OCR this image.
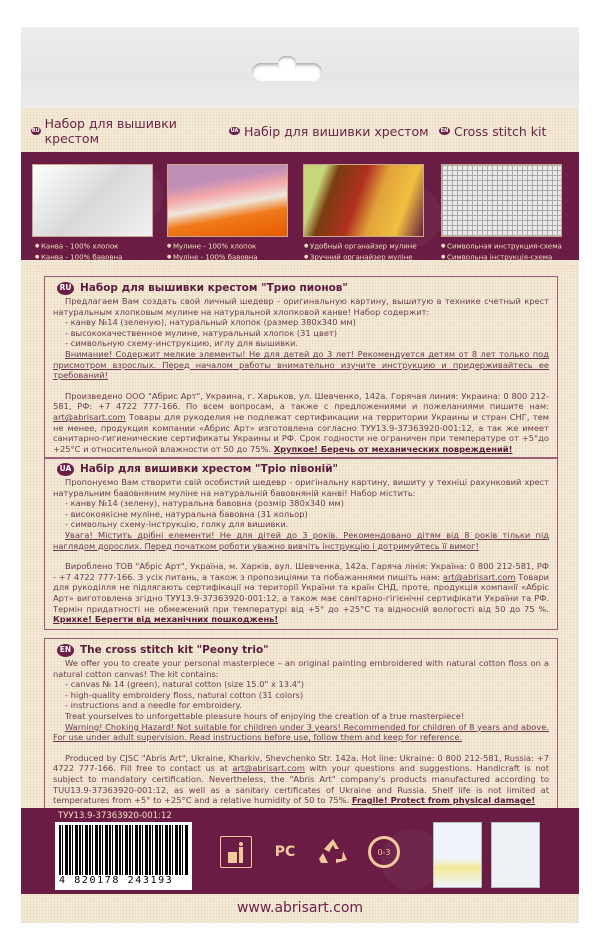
RU Набор для вышивки крестом	UA Набір для вишивки хрестом	EN Cross stitch kit
● Канва - 100% хлопок
● Канва - 100% бавовна
● Cross stitch fabric - 100% cotton
● Мулине - 100% хлопок
● Муліне - 100% бавовна
● Embroidery floss - 100% cotton
● Удобный органайзер мулине
● Зручний органайзер муліне
● Comfortable threads organizer
● Символьная инструкция-схема
● Символьна інструкція-схема
● Chart with instruction "How to stitch"
RU Набор для вышивки крестом "Трио пионов"

Предлагаем Вам создать свой личный шедевр - оригинальную картину, вышитую в технике счетный крест натуральным хлопковым мулине на натуральной хлопковой канве! Набор содержит:

- канву №14 (зеленую), натуральный хлопок (размер 380x340 мм)

- высококачественное мулине, натуральный хлопок (31 цвет)

- символьную схему-инструкцию, иглу для вышивки.

Внимание! Содержит мелкие элементы! Не для детей до 3 лет! Рекомендуется детям от 8 лет только под присмотром взрослых. Перед началом работы внимательно изучите инструкцию и придерживайтесь ее требований!

Произведено ООО "Абрис Арт", Украина, г. Харьков, ул. Шевченко, 142а. Горячая линия: Украина: 0 800 212-581, РФ: +7 4722 777-166. По всем вопросам, а также с предложениями и пожеланиями пишите нам: art@abrisart.com Товары для рукоделия не подлежат сертификации на территории Украины и стран СНГ, тем не менее, продукция компании «Абрис Арт» изготовлена согласно ТУУ13.9-37363920-001:12, а так же имеет санитарно-гигиенические сертификаты Украины и РФ. Срок годности не ограничен при температуре от +5°до +25°С и относительной влажности от 50 до 75%. Хрупкое! Беречь от механических повреждений!

UA Набір для вишивки хрестом "Тріо півоній"

Пропонуємо Вам створити свій особистий шедевр - оригінальну картину, вишиту у техніці рахунковий хрест натуральним бавовняним муліне на натуральній бавовняній канві! Набор містить:

- канву №14 (зелену), натуральна бавовна (розмір 380x340 мм)

- високоякісне муліне, натуральна бавовна (31 кольор)

- символьну схему-інструкцію, голку для вишивки.

Увага! Містить дрібні елементи! Не для дітей до 3 років. Рекомендовано дітям від 8 років тільки під наглядом дорослих. Перед початком роботи уважно вивчіть інструкцію і дотримуйтесь її вимог!

Вироблено ТОВ "Абріс Арт", Україна, м. Харків, вул. Шевченка, 142а. Гаряча лінія: Україна: 0 800 212-581, РФ - +7 4722 777-166. З усіх питань, а також з пропозиціями та побажаннями пишіть нам: art@abrisart.com Товари для рукоділля не підлягають сертифікації на території України та країн СНД, проте, продукція компанії «Абріс Арт» виготовлена згідно ТУУ13.9-37363920-001:12, а також має санітарно-гігієнічні сертифікати України та РФ. Термін придатності не обмежений при температурі від +5° до +25°С та відносній вологості від 50 до 75 %. Крихке! Берегти від механічних пошкоджень!

EN The cross stitch kit "Peony trio"

We offer you to create your personal masterpiece – an original painting embroidered with natural cotton floss on a natural cotton canvas! The kit contains:

- canvas № 14 (green), natural cotton (size 15.0" x 13.4")

- high-quality embroidery floss, natural cotton (31 colors)

- instructions and a needle for embroidery.

Treat yourselves to unforgettable pleasure hours of enjoying the creation of a true masterpiece!

Warning! Choking Hazard! Not suitable for children under 3 years! Recommended for children of 8 years and above. For use under adult supervision. Read instructions before use, follow them and keep for reference.

Produced by CJSC "Abris Art", Ukraine, Kharkiv, Shevchenko Str. 142a. Hot line: Ukraine: 0 800 212-581, Russia: +7 4722 777-166. Fill free to contact us at art@abrisart.com with your questions and suggestions. Handicraft is not subject to mandatory certification. Nevertheless, the "Abris Art" company's products manufactured according to TUU13.9-37363920-001:12, as well as a sanitary certificates of Ukraine and Russia. Shelf life is not limited at temperatures from +5° to +25°C and a relative humidity of 50 to 75%. Fragile! Protect from physical damage!

ТУУ13.9-37363920-001:12
4 820178 243193
РС	0-3
www.abrisart.com
